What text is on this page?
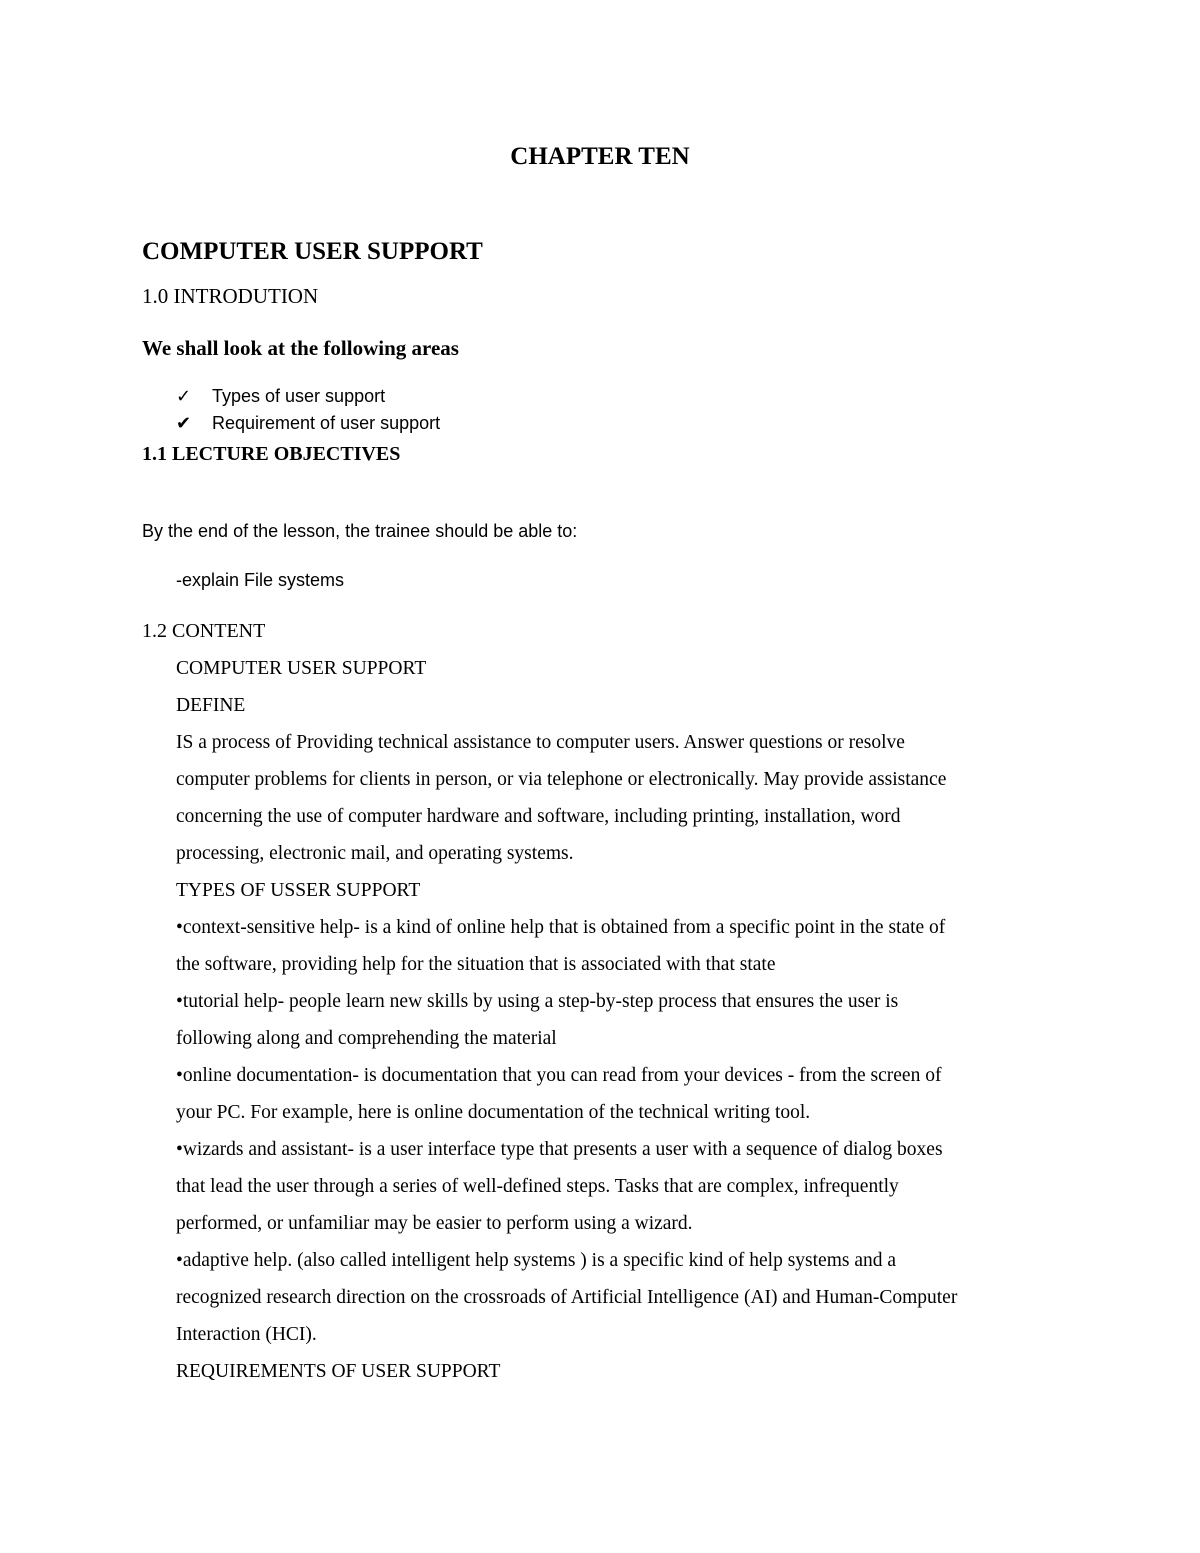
CHAPTER TEN
COMPUTER USER SUPPORT
1.0 INTRODUTION
We shall look at the following areas
✓	Types of user support
✔	Requirement of user support
1.1 LECTURE OBJECTIVES
By the end of the lesson, the trainee should be able to:
-explain File systems
1.2 CONTENT
COMPUTER USER SUPPORT
DEFINE
IS a process of Providing technical assistance to computer users. Answer questions or resolve
computer problems for clients in person, or via telephone or electronically. May provide assistance
concerning the use of computer hardware and software, including printing, installation, word
processing, electronic mail, and operating systems.
TYPES OF USSER SUPPORT
•context-sensitive help- is a kind of online help that is obtained from a specific point in the state of
the software, providing help for the situation that is associated with that state
•tutorial help- people learn new skills by using a step-by-step process that ensures the user is
following along and comprehending the material
•online documentation- is documentation that you can read from your devices - from the screen of
your PC. For example, here is online documentation of the technical writing tool.
•wizards and assistant- is a user interface type that presents a user with a sequence of dialog boxes
that lead the user through a series of well-defined steps. Tasks that are complex, infrequently
performed, or unfamiliar may be easier to perform using a wizard.
•adaptive help. (also called intelligent help systems ) is a specific kind of help systems and a
recognized research direction on the crossroads of Artificial Intelligence (AI) and Human-Computer
Interaction (HCI).
REQUIREMENTS OF USER SUPPORT
